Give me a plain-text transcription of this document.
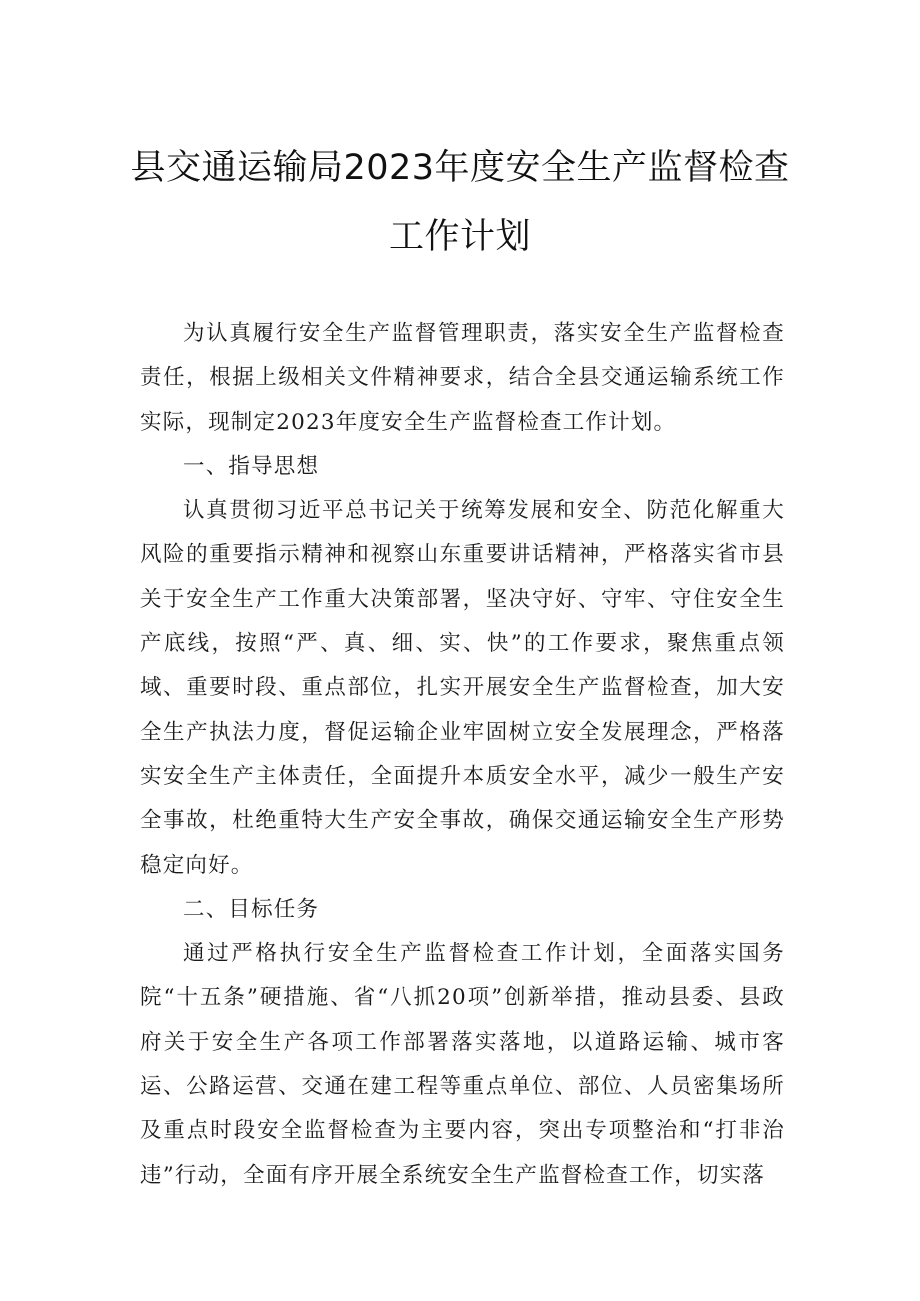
县交通运输局2023年度安全生产监督检查
工作计划

为认真履行安全生产监督管理职责，落实安全生产监督检查责任，根据上级相关文件精神要求，结合全县交通运输系统工作实际，现制定2023年度安全生产监督检查工作计划。

一、指导思想

认真贯彻习近平总书记关于统筹发展和安全、防范化解重大风险的重要指示精神和视察山东重要讲话精神，严格落实省市县关于安全生产工作重大决策部署，坚决守好、守牢、守住安全生产底线，按照“严、真、细、实、快”的工作要求，聚焦重点领域、重要时段、重点部位，扎实开展安全生产监督检查，加大安全生产执法力度，督促运输企业牢固树立安全发展理念，严格落实安全生产主体责任，全面提升本质安全水平，减少一般生产安全事故，杜绝重特大生产安全事故，确保交通运输安全生产形势稳定向好。

二、目标任务

通过严格执行安全生产监督检查工作计划，全面落实国务院“十五条”硬措施、省“八抓20项”创新举措，推动县委、县政府关于安全生产各项工作部署落实落地，以道路运输、城市客运、公路运营、交通在建工程等重点单位、部位、人员密集场所及重点时段安全监督检查为主要内容，突出专项整治和“打非治违”行动，全面有序开展全系统安全生产监督检查工作，切实落
